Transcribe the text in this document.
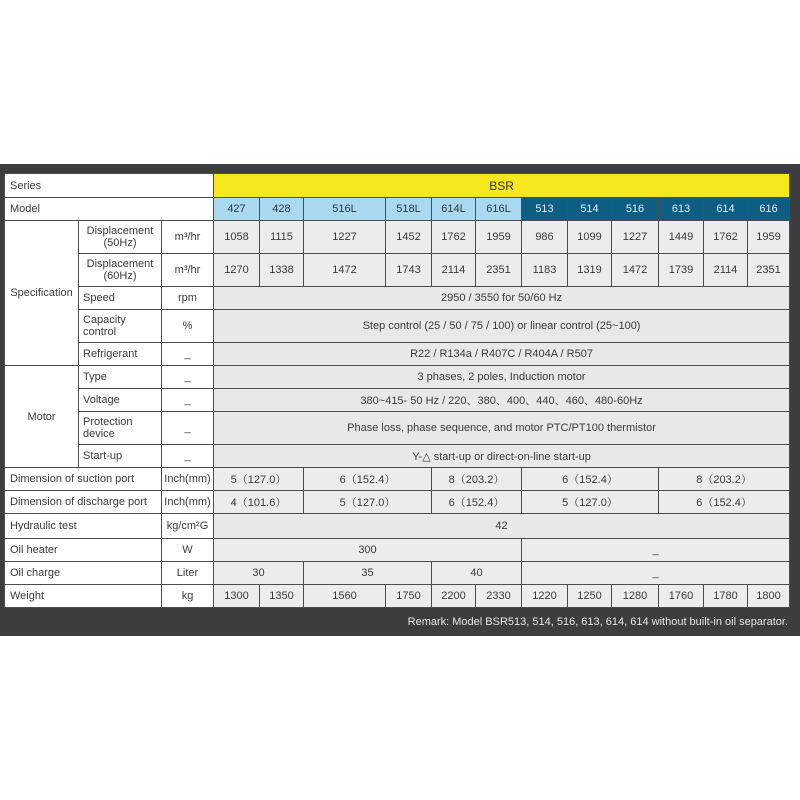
Series			BSR											
Model			427	428	516L	518L	614L	616L	513	514	516	613	614	616
Specification	Displacement (50Hz)	m³/hr	1058	1115	1227	1452	1762	1959	986	1099	1227	1449	1762	1959
	Displacement (60Hz)	m³/hr	1270	1338	1472	1743	2114	2351	1183	1319	1472	1739	2114	2351
	Speed	rpm	2950 / 3550 for 50/60 Hz											
	Capacity control	%	Step control (25 / 50 / 75 / 100) or linear control (25~100)											
	Refrigerant	_	R22 / R134a / R407C / R404A / R507											

Motor	Type	_	3 phases, 2 poles, Induction motor											
	Voltage	_	380~415- 50 Hz / 220、380、400、440、460、480-60Hz											
	Protection device	_	Phase loss, phase sequence, and motor PTC/PT100 thermistor											
	Start-up	_	Y-△ start-up or direct-on-line start-up											
Dimension of suction port		Inch(mm)	5（127.0）		6（152.4）		8（203.2）		6（152.4）			8（203.2）		
Dimension of discharge port		Inch(mm)	4（101.6）		5（127.0）		6（152.4）		5（127.0）			6（152.4）		
Hydraulic test		kg/cm²G	42											
Oil heater		W	300						_					
Oil charge		Liter	30		35		40		_					
Weight		kg	1300	1350	1560	1750	2200	2330	1220	1250	1280	1760	1780	1800
Remark: Model BSR513, 514, 516, 613, 614, 614 without built-in oil separator.
